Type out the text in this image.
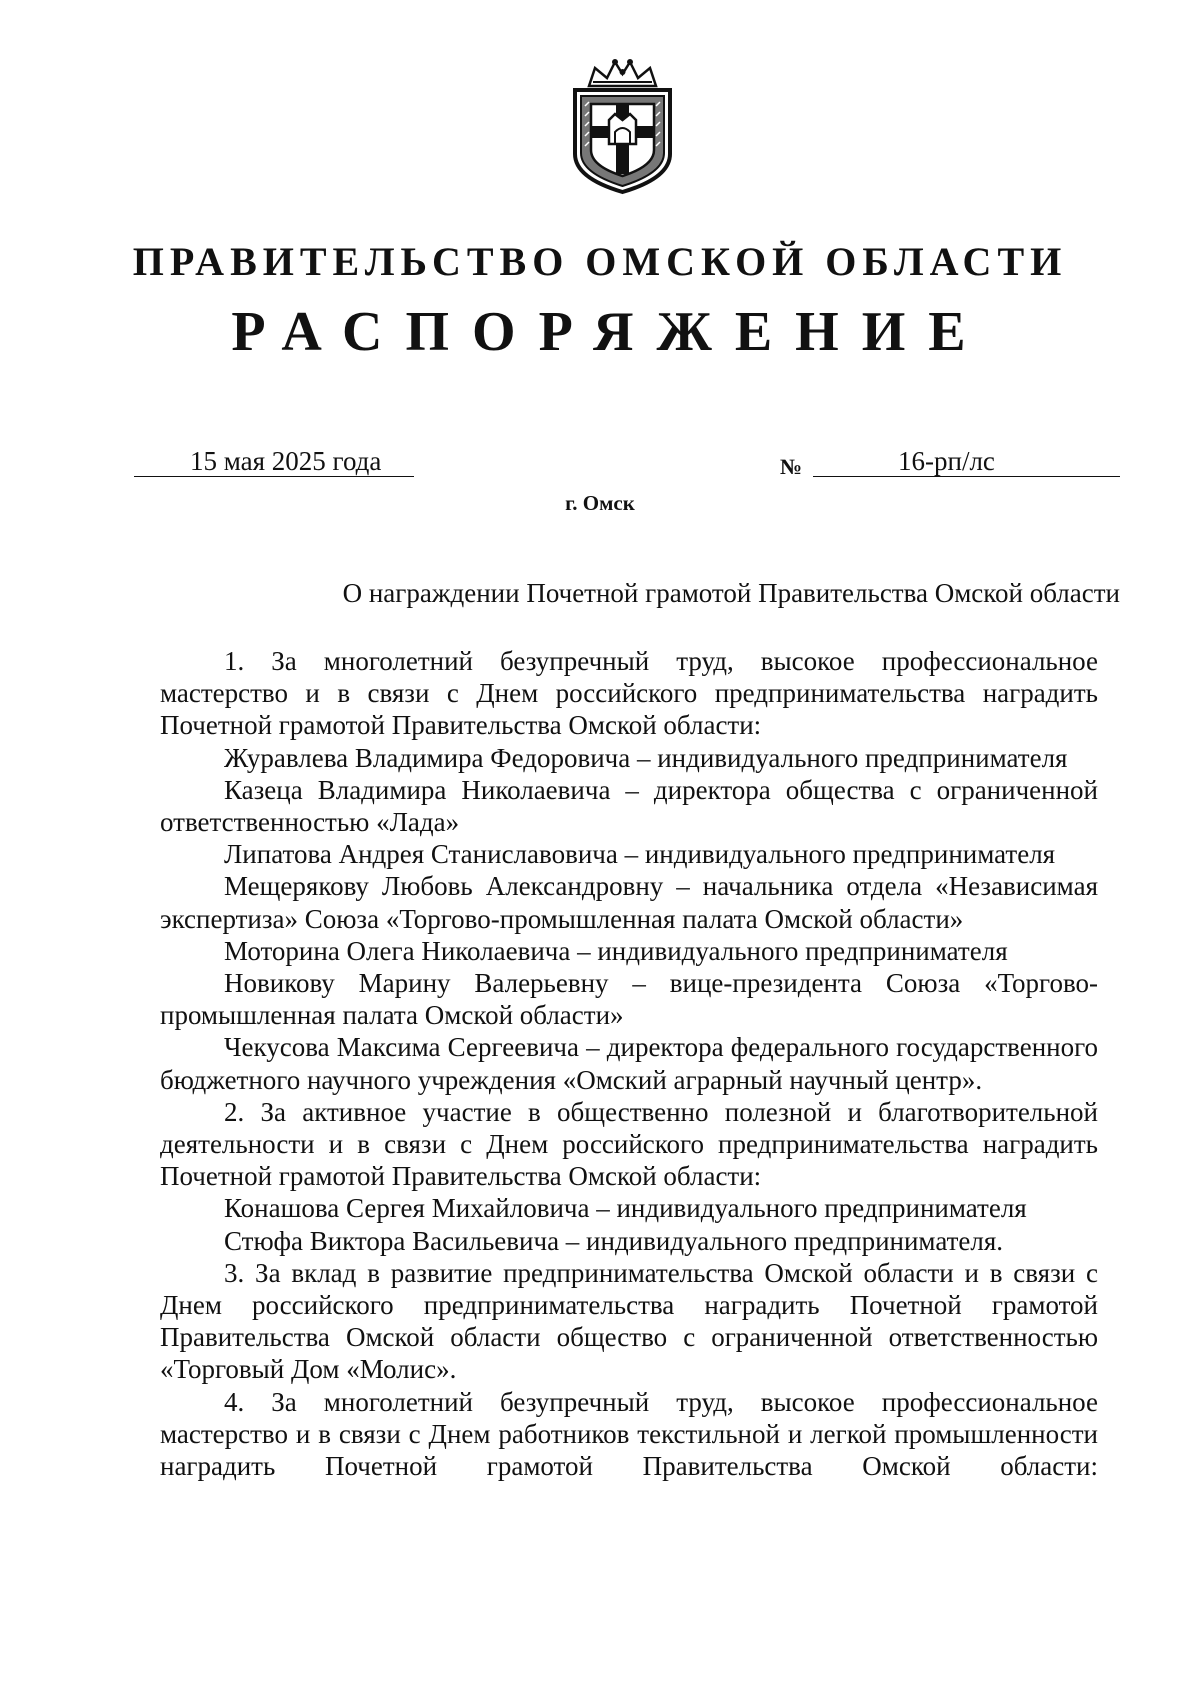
ПРАВИТЕЛЬСТВО ОМСКОЙ ОБЛАСТИ
РАСПОРЯЖЕНИЕ
15 мая 2025 года	№	16-рп/лс
г. Омск
О награждении Почетной грамотой Правительства Омской области

1. За многолетний безупречный труд, высокое профессиональное мастерство и в связи с Днем российского предпринимательства наградить Почетной грамотой Правительства Омской области:

Журавлева Владимира Федоровича – индивидуального предпринимателя

Казеца Владимира Николаевича – директора общества с ограниченной ответственностью «Лада»

Липатова Андрея Станиславовича – индивидуального предпринимателя

Мещерякову Любовь Александровну – начальника отдела «Независимая экспертиза» Союза «Торгово-промышленная палата Омской области»

Моторина Олега Николаевича – индивидуального предпринимателя

Новикову Марину Валерьевну – вице-президента Союза «Торгово-промышленная палата Омской области»

Чекусова Максима Сергеевича – директора федерального государственного бюджетного научного учреждения «Омский аграрный научный центр».

2. За активное участие в общественно полезной и благотворительной деятельности и в связи с Днем российского предпринимательства наградить Почетной грамотой Правительства Омской области:

Конашова Сергея Михайловича – индивидуального предпринимателя

Стюфа Виктора Васильевича – индивидуального предпринимателя.

3. За вклад в развитие предпринимательства Омской области и в связи с Днем российского предпринимательства наградить Почетной грамотой Правительства Омской области общество с ограниченной ответственностью «Торговый Дом «Молис».

4. За многолетний безупречный труд, высокое профессиональное мастерство и в связи с Днем работников текстильной и легкой промышленности наградить Почетной грамотой Правительства Омской области:
